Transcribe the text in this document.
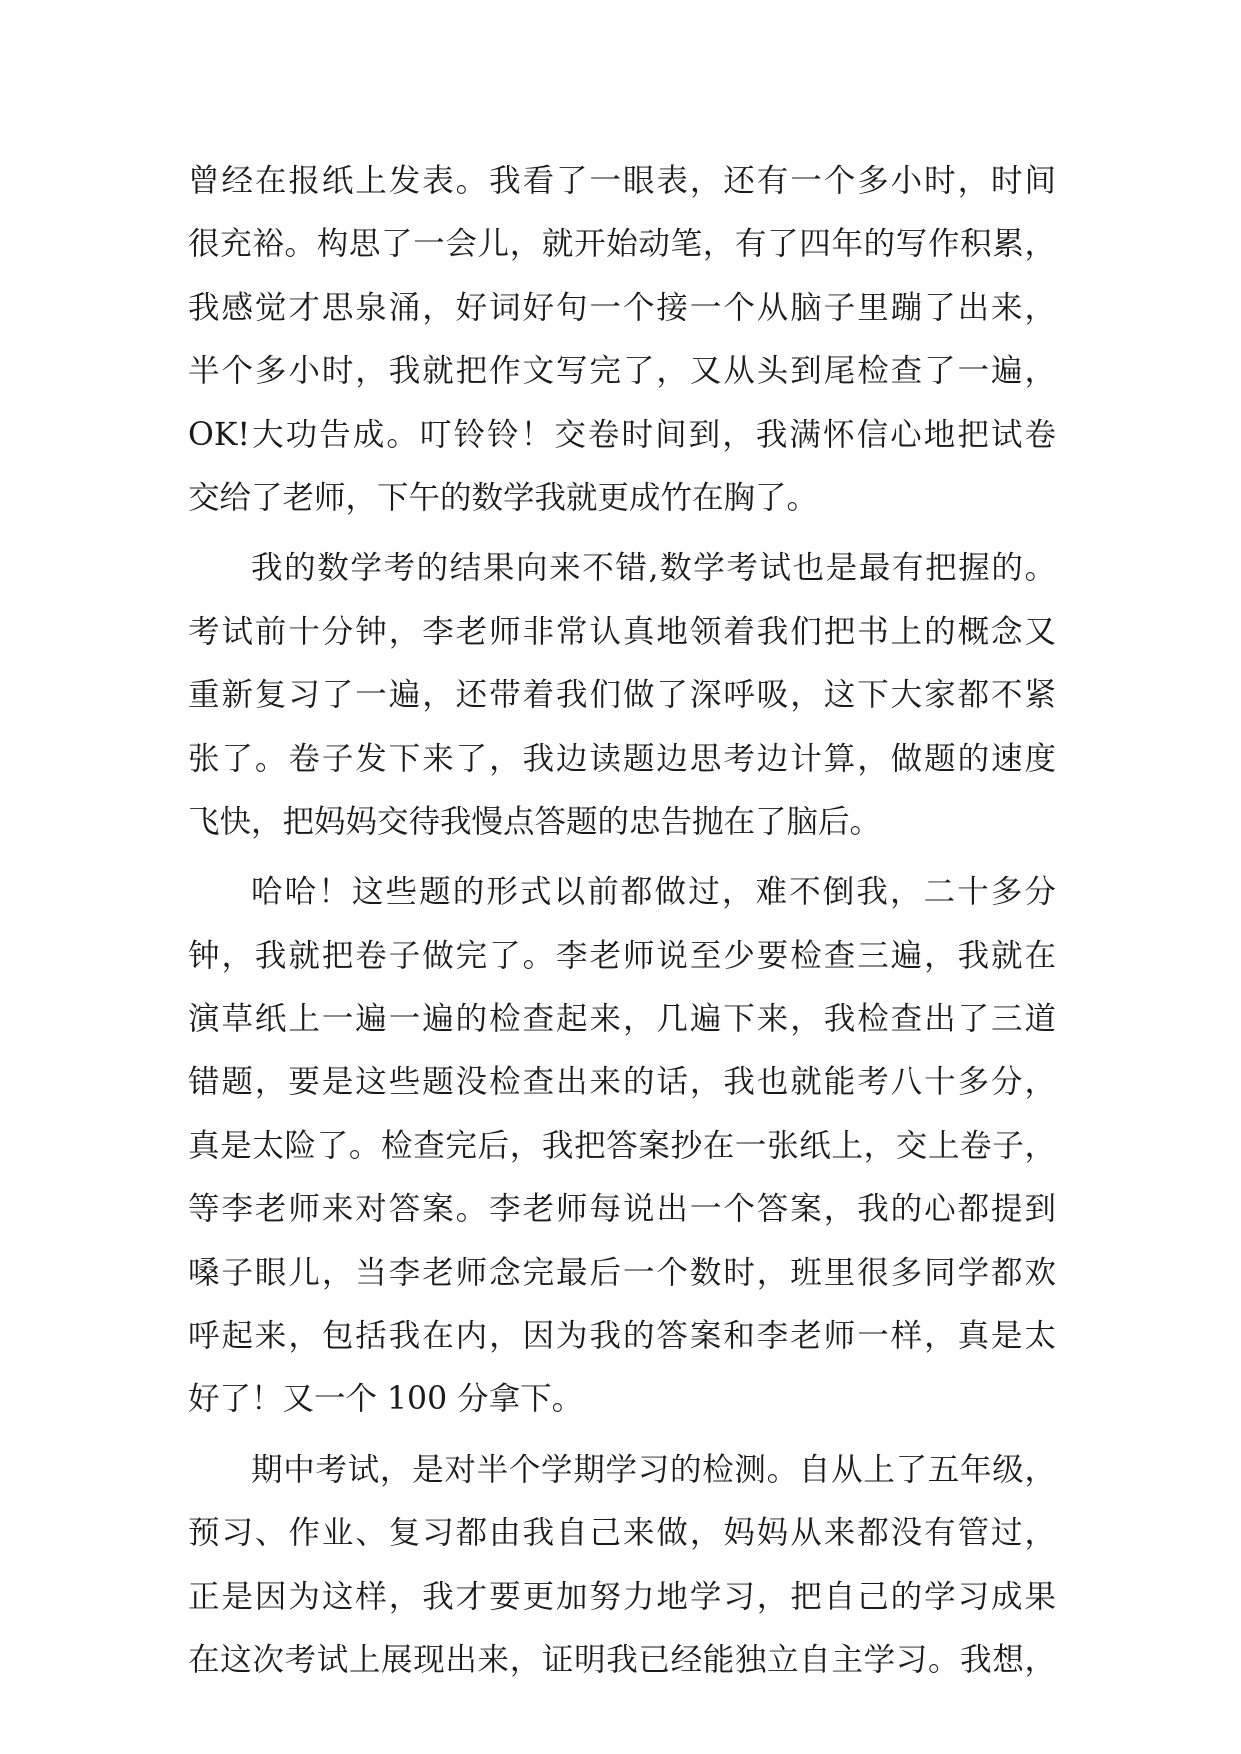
曾经在报纸上发表。我看了一眼表，还有一个多小时，时间
很充裕。构思了一会儿，就开始动笔，有了四年的写作积累，
我感觉才思泉涌，好词好句一个接一个从脑子里蹦了出来，
半个多小时，我就把作文写完了，又从头到尾检查了一遍，
OK!大功告成。叮铃铃！交卷时间到，我满怀信心地把试卷
交给了老师，下午的数学我就更成竹在胸了。
我的数学考的结果向来不错,数学考试也是最有把握的。
考试前十分钟，李老师非常认真地领着我们把书上的概念又
重新复习了一遍，还带着我们做了深呼吸，这下大家都不紧
张了。卷子发下来了，我边读题边思考边计算，做题的速度
飞快，把妈妈交待我慢点答题的忠告抛在了脑后。
哈哈！这些题的形式以前都做过，难不倒我，二十多分
钟，我就把卷子做完了。李老师说至少要检查三遍，我就在
演草纸上一遍一遍的检查起来，几遍下来，我检查出了三道
错题，要是这些题没检查出来的话，我也就能考八十多分，
真是太险了。检查完后，我把答案抄在一张纸上，交上卷子，
等李老师来对答案。李老师每说出一个答案，我的心都提到
嗓子眼儿，当李老师念完最后一个数时，班里很多同学都欢
呼起来，包括我在内，因为我的答案和李老师一样，真是太
好了！又一个 100 分拿下。
期中考试，是对半个学期学习的检测。自从上了五年级，
预习、作业、复习都由我自己来做，妈妈从来都没有管过，
正是因为这样，我才要更加努力地学习，把自己的学习成果
在这次考试上展现出来，证明我已经能独立自主学习。我想，
